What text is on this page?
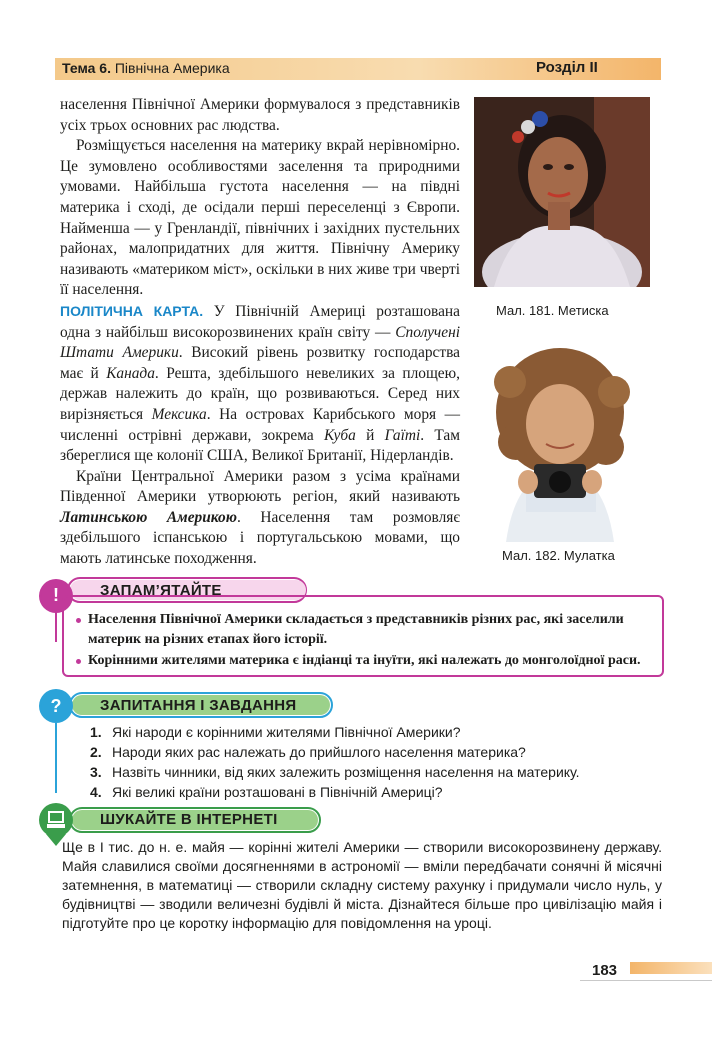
Тема 6. Північна Америка	Розділ II

населення Північної Америки формувалося з представників усіх трьох основних рас людства.

Розміщується населення на материку вкрай нерівномірно. Це зумовлено особливостями заселення та природними умовами. Найбільша густота населення — на півдні материка і сході, де осідали перші переселенці з Європи. Найменша — у Гренландії, північних і західних пустельних районах, малопридатних для життя. Північну Америку називають «материком міст», оскільки в них живе три чверті її населення.

ПОЛІТИЧНА КАРТА. У Північній Америці розташована одна з найбільш високорозвинених країн світу — Сполучені Штати Америки. Високий рівень розвитку господарства має й Канада. Решта, здебільшого невеликих за площею, держав належить до країн, що розвиваються. Серед них вирізняється Мексика. На островах Карибського моря — численні острівні держави, зокрема Куба й Гаїті. Там збереглися ще колонії США, Великої Британії, Нідерландів.

Країни Центральної Америки разом з усіма країнами Південної Америки утворюють регіон, який називають Латинською Америкою. Населення там розмовляє здебільшого іспанською і португальською мовами, що мають латинське походження.

Мал. 181. Метиска
Мал. 182. Мулатка
!	ЗАПАМ’ЯТАЙТЕ
Населення Північної Америки складається з представників різних рас, які заселили материк на різних етапах його історії.
Корінними жителями материка є індіанці та інуїти, які належать до монголоїдної раси.
?	ЗАПИТАННЯ І ЗАВДАННЯ
1. Які народи є корінними жителями Північної Америки?
2. Народи яких рас належать до прийшлого населення материка?
3. Назвіть чинники, від яких залежить розміщення населення на материку.
4. Які великі країни розташовані в Північній Америці?
ШУКАЙТЕ В ІНТЕРНЕТІ
Ще в І тис. до н. е. майя — корінні жителі Америки — створили високорозвинену державу. Майя славилися своїми досягненнями в астрономії — вміли передбачати сонячні й місячні затемнення, в математиці — створили складну систему рахунку і придумали число нуль, у будівництві — зводили величезні будівлі й міста. Дізнайтеся більше про цивілізацію майя і підготуйте про це коротку інформацію для повідомлення на уроці.
183
